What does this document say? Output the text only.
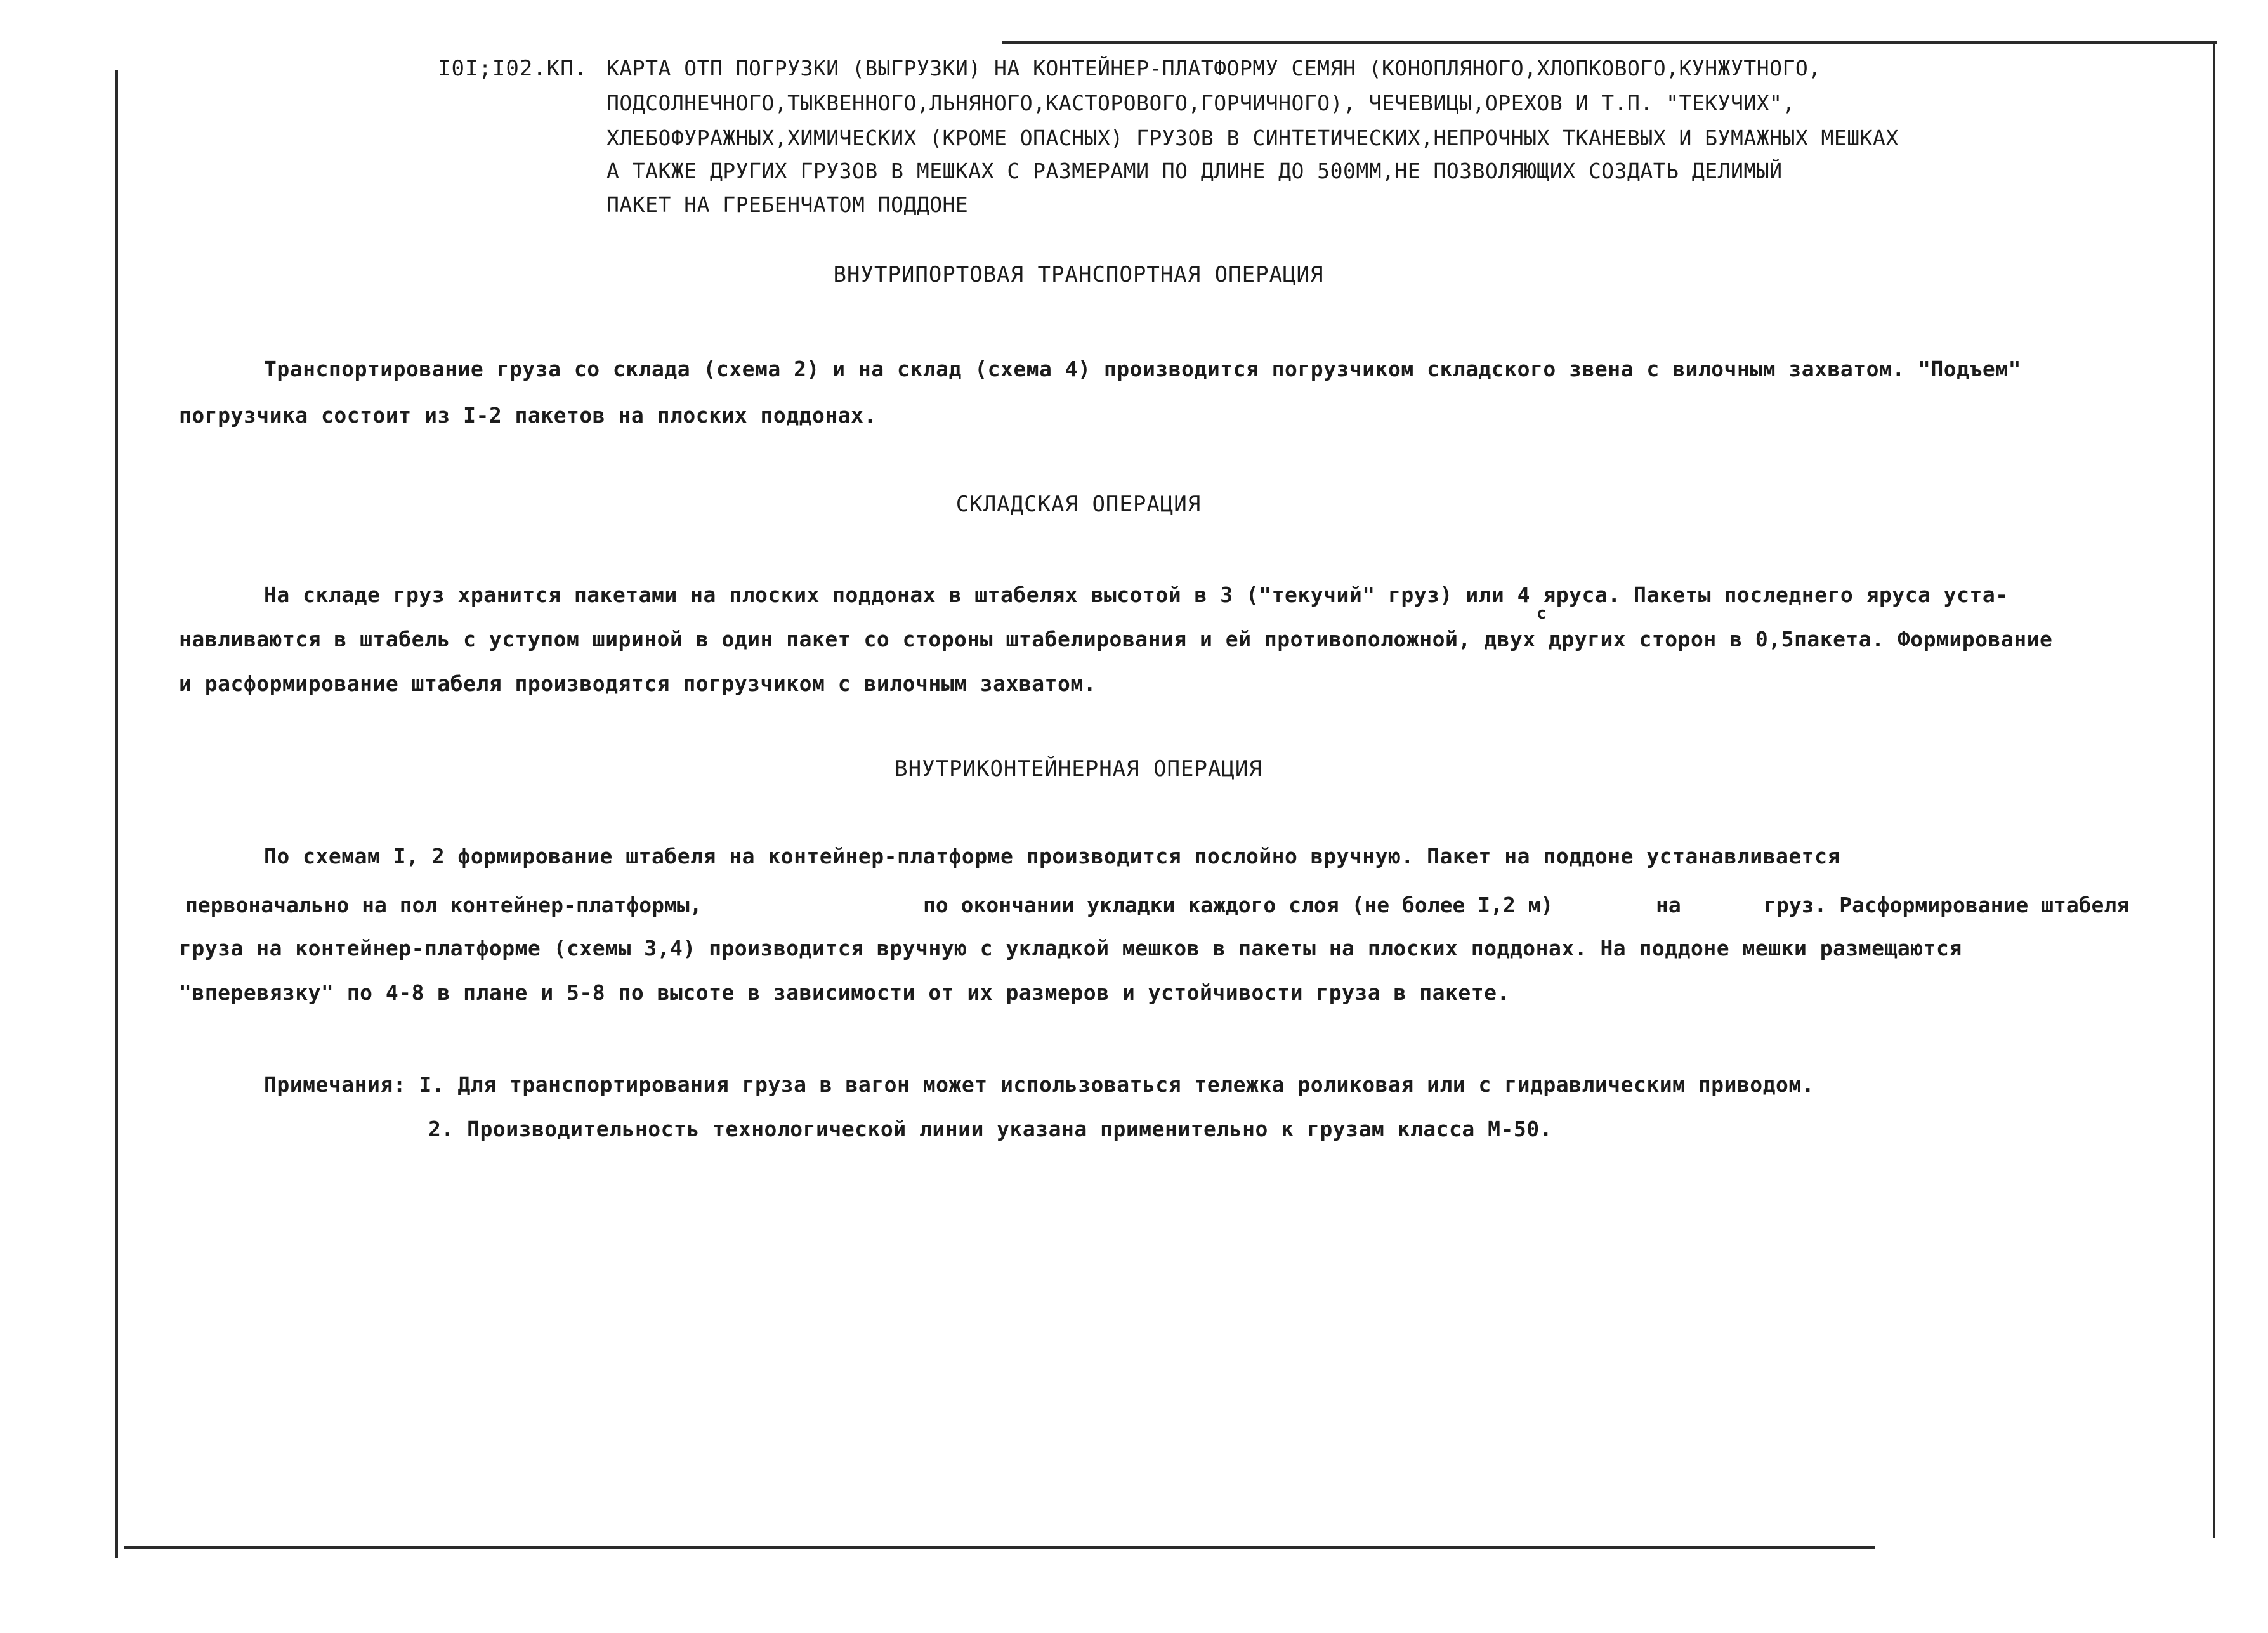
I0I;I02.КП. КАРТА ОТП ПОГРУЗКИ (ВЫГРУЗКИ) НА КОНТЕЙНЕР-ПЛАТФОРМУ СЕМЯН (КОНОПЛЯНОГО,ХЛОПКОВОГО,КУНЖУТНОГО,
ПОДСОЛНЕЧНОГО,ТЫКВЕННОГО,ЛЬНЯНОГО,КАСТОРОВОГО,ГОРЧИЧНОГО), ЧЕЧЕВИЦЫ,ОРЕХОВ И Т.П. "ТЕКУЧИХ",
ХЛЕБОФУРАЖНЫХ,ХИМИЧЕСКИХ (КРОМЕ ОПАСНЫХ) ГРУЗОВ В СИНТЕТИЧЕСКИХ,НЕПРОЧНЫХ ТКАНЕВЫХ И БУМАЖНЫХ МЕШКАХ
А ТАКЖЕ ДРУГИХ ГРУЗОВ В МЕШКАХ С РАЗМЕРАМИ ПО ДЛИНЕ ДО 500ММ,НЕ ПОЗВОЛЯЮЩИХ СОЗДАТЬ ДЕЛИМЫЙ
ПАКЕТ НА ГРЕБЕНЧАТОМ ПОДДОНЕ
ВНУТРИПОРТОВАЯ ТРАНСПОРТНАЯ ОПЕРАЦИЯ
Транспортирование груза со склада (схема 2) и на склад (схема 4) производится погрузчиком складского звена с вилочным захватом. "Подъем"
погрузчика состоит из I-2 пакетов на плоских поддонах.
СКЛАДСКАЯ ОПЕРАЦИЯ
На складе груз хранится пакетами на плоских поддонах в штабелях высотой в 3 ("текучий" груз) или 4 яруса. Пакеты последнего яруса уста-
с
навливаются в штабель с уступом шириной в один пакет со стороны штабелирования и ей противоположной, двух других сторон в 0,5пакета. Формирование
и расформирование штабеля производятся погрузчиком с вилочным захватом.
ВНУТРИКОНТЕЙНЕРНАЯ ОПЕРАЦИЯ
По схемам I, 2 формирование штабеля на контейнер-платформе производится послойно вручную. Пакет на поддоне устанавливается
первоначально на пол контейнер-платформы,	по окончании укладки каждого слоя (не более I,2 м)	на	груз. Расформирование штабеля
груза на контейнер-платформе (схемы 3,4) производится вручную с укладкой мешков в пакеты на плоских поддонах. На поддоне мешки размещаются
"вперевязку" по 4-8 в плане и 5-8 по высоте в зависимости от их размеров и устойчивости груза в пакете.
Примечания: I. Для транспортирования груза в вагон может использоваться тележка роликовая или с гидравлическим приводом.
2. Производительность технологической линии указана применительно к грузам класса М-50.
